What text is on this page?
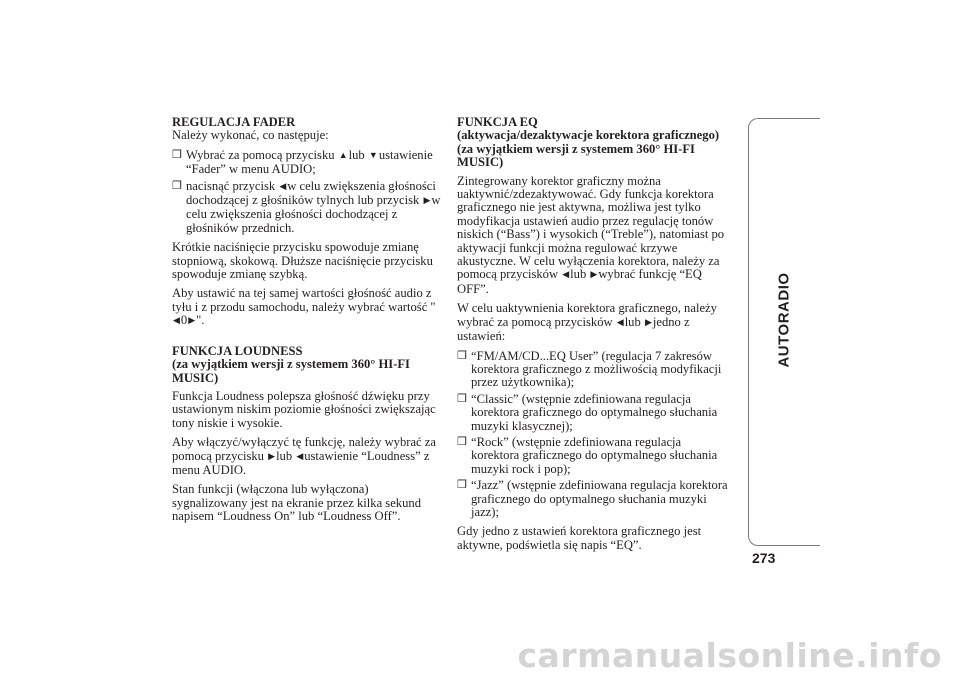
REGULACJA FADER

Należy wykonać, co następuje:

❒ Wybrać za pomocą przycisku ▲lub ▼ustawienie “Fader” w menu AUDIO;
❒ nacisnąć przycisk ◀w celu zwiększenia głośności dochodzącej z głośników tylnych lub przycisk ▶w celu zwiększenia głośności dochodzącej z głośników przednich.

Krótkie naciśnięcie przycisku spowoduje zmianę stopniową, skokową. Dłuższe naciśnięcie przycisku spowoduje zmianę szybką.

Aby ustawić na tej samej wartości głośność audio z tyłu i z przodu samochodu, należy wybrać wartość " ◀0▶".

FUNKCJA LOUDNESS
(za wyjątkiem wersji z systemem 360° HI-FI MUSIC)

Funkcja Loudness polepsza głośność dźwięku przy ustawionym niskim poziomie głośności zwiększając tony niskie i wysokie.

Aby włączyć/wyłączyć tę funkcję, należy wybrać za pomocą przycisku ▶lub ◀ustawienie “Loudness” z menu AUDIO.

Stan funkcji (włączona lub wyłączona) sygnalizowany jest na ekranie przez kilka sekund napisem “Loudness On” lub “Loudness Off”.

FUNKCJA EQ
(aktywacja/dezaktywacje korektora graficznego)
(za wyjątkiem wersji z systemem 360° HI-FI MUSIC)

Zintegrowany korektor graficzny można uaktywnić/zdezaktywować. Gdy funkcja korektora graficznego nie jest aktywna, możliwa jest tylko modyfikacja ustawień audio przez regulację tonów niskich (“Bass”) i wysokich (“Treble”), natomiast po aktywacji funkcji można regulować krzywe akustyczne. W celu wyłączenia korektora, należy za pomocą przycisków ◀lub ▶wybrać funkcję “EQ OFF”.

W celu uaktywnienia korektora graficznego, należy wybrać za pomocą przycisków ◀lub ▶jedno z ustawień:

❒ “FM/AM/CD...EQ User” (regulacja 7 zakresów korektora graficznego z możliwością modyfikacji przez użytkownika);
❒ “Classic” (wstępnie zdefiniowana regulacja korektora graficznego do optymalnego słuchania muzyki klasycznej);
❒ “Rock” (wstępnie zdefiniowana regulacja korektora graficznego do optymalnego słuchania muzyki rock i pop);
❒ “Jazz” (wstępnie zdefiniowana regulacja korektora graficznego do optymalnego słuchania muzyki jazz);

Gdy jedno z ustawień korektora graficznego jest aktywne, podświetla się napis “EQ”.

AUTORADIO
273
carmanualsonline.info
